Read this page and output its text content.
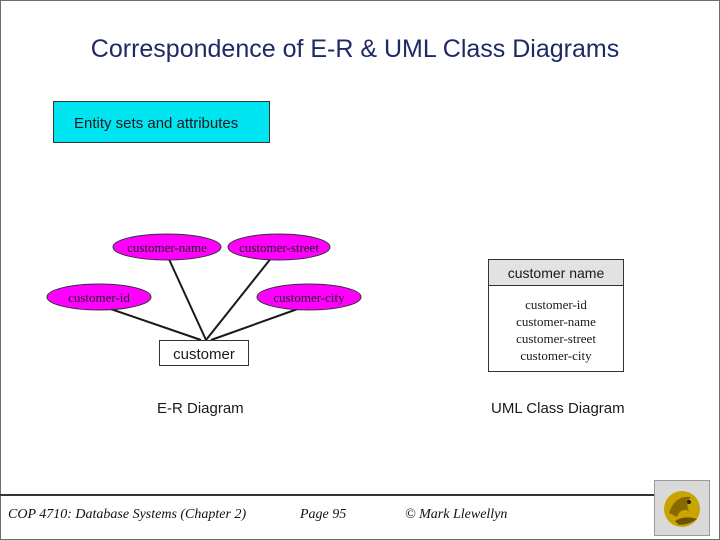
Correspondence of E-R & UML Class Diagrams
Entity sets and attributes
customer-name customer-street
customer-id	customer-city
customer
E-R Diagram
customer name
customer-id
customer-name
customer-street
customer-city
UML Class Diagram
COP 4710: Database Systems (Chapter 2)	Page 95	© Mark Llewellyn
